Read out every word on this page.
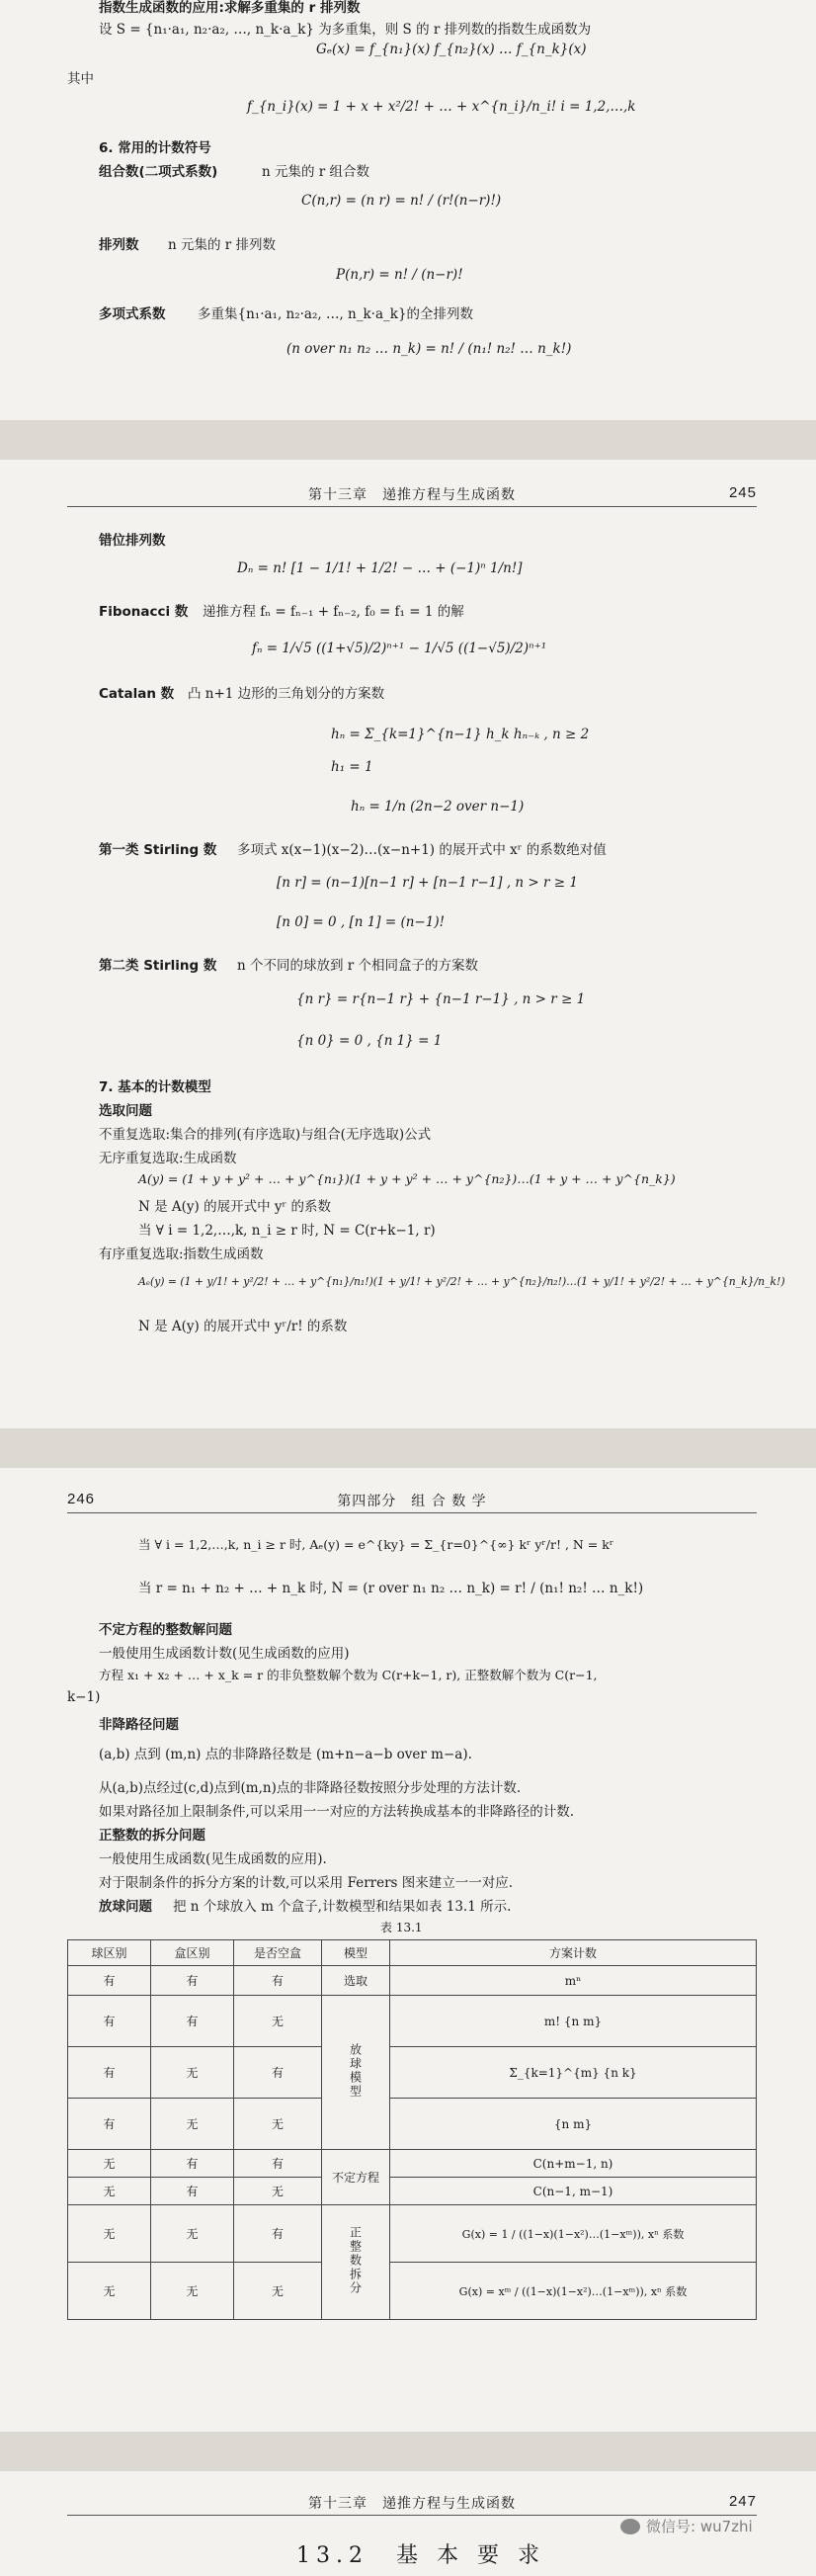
指数生成函数的应用:求解多重集的 r 排列数
设 S = {n₁·a₁, n₂·a₂, …, n_k·a_k} 为多重集，则 S 的 r 排列数的指数生成函数为
Gₑ(x) = f_{n₁}(x) f_{n₂}(x) … f_{n_k}(x)
其中
f_{n_i}(x) = 1 + x + x²/2! + … + x^{n_i}/n_i! i = 1,2,…,k
6. 常用的计数符号
组合数(二项式系数)	n 元集的 r 组合数
C(n,r) = (n r) = n! / (r!(n−r)!)
排列数 n 元集的 r 排列数
P(n,r) = n! / (n−r)!
多项式系数 多重集{n₁·a₁, n₂·a₂, …, n_k·a_k}的全排列数
(n over n₁ n₂ … n_k) = n! / (n₁! n₂! … n_k!)
第十三章　递推方程与生成函数	245
错位排列数
Dₙ = n! [1 − 1/1! + 1/2! − … + (−1)ⁿ 1/n!]
Fibonacci 数 递推方程 fₙ = fₙ₋₁ + fₙ₋₂, f₀ = f₁ = 1 的解
fₙ = 1/√5 ((1+√5)/2)ⁿ⁺¹ − 1/√5 ((1−√5)/2)ⁿ⁺¹
Catalan 数 凸 n+1 边形的三角划分的方案数
hₙ = Σ_{k=1}^{n−1} h_k hₙ₋ₖ , n ≥ 2
h₁ = 1
hₙ = 1/n (2n−2 over n−1)
第一类 Stirling 数 多项式 x(x−1)(x−2)…(x−n+1) 的展开式中 xʳ 的系数绝对值
[n r] = (n−1)[n−1 r] + [n−1 r−1] , n > r ≥ 1
[n 0] = 0 , [n 1] = (n−1)!
第二类 Stirling 数 n 个不同的球放到 r 个相同盒子的方案数
{n r} = r{n−1 r} + {n−1 r−1} , n > r ≥ 1
{n 0} = 0 , {n 1} = 1
7. 基本的计数模型
选取问题
不重复选取:集合的排列(有序选取)与组合(无序选取)公式
无序重复选取:生成函数
A(y) = (1 + y + y² + … + y^{n₁})(1 + y + y² + … + y^{n₂})…(1 + y + … + y^{n_k})
N 是 A(y) 的展开式中 yʳ 的系数
当 ∀ i = 1,2,…,k, n_i ≥ r 时, N = C(r+k−1, r)
有序重复选取:指数生成函数
Aₑ(y) = (1 + y/1! + y²/2! + … + y^{n₁}/n₁!)(1 + y/1! + y²/2! + … + y^{n₂}/n₂!)…(1 + y/1! + y²/2! + … + y^{n_k}/n_k!)
N 是 A(y) 的展开式中 yʳ/r! 的系数
246	第四部分　组 合 数 学
当 ∀ i = 1,2,…,k, n_i ≥ r 时, Aₑ(y) = e^{ky} = Σ_{r=0}^{∞} kʳ yʳ/r! , N = kʳ
当 r = n₁ + n₂ + … + n_k 时, N = (r over n₁ n₂ … n_k) = r! / (n₁! n₂! … n_k!)
不定方程的整数解问题
一般使用生成函数计数(见生成函数的应用)
方程 x₁ + x₂ + … + x_k = r 的非负整数解个数为 C(r+k−1, r), 正整数解个数为 C(r−1,
k−1)
非降路径问题
(a,b) 点到 (m,n) 点的非降路径数是 (m+n−a−b over m−a).
从(a,b)点经过(c,d)点到(m,n)点的非降路径数按照分步处理的方法计数.
如果对路径加上限制条件,可以采用一一对应的方法转换成基本的非降路径的计数.
正整数的拆分问题
一般使用生成函数(见生成函数的应用).
对于限制条件的拆分方案的计数,可以采用 Ferrers 图来建立一一对应.
放球问题 把 n 个球放入 m 个盒子,计数模型和结果如表 13.1 所示.
表 13.1
球区别	盒区别	是否空盒	模型	方案计数
有	有	有	选取	mⁿ
有	有	无	放球模型	m! {n m}
有	无	有		Σ_{k=1}^{m} {n k}
有	无	无		{n m}
无	有	有	不定方程	C(n+m−1, n)
无	有	无		C(n−1, m−1)
无	无	有	正整数拆分	G(x) = 1 / ((1−x)(1−x²)…(1−xᵐ)), xⁿ 系数
无	无	无		G(x) = xᵐ / ((1−x)(1−x²)…(1−xᵐ)), xⁿ 系数
第十三章　递推方程与生成函数	247
13.2　基 本 要 求
微信号: wu7zhi
